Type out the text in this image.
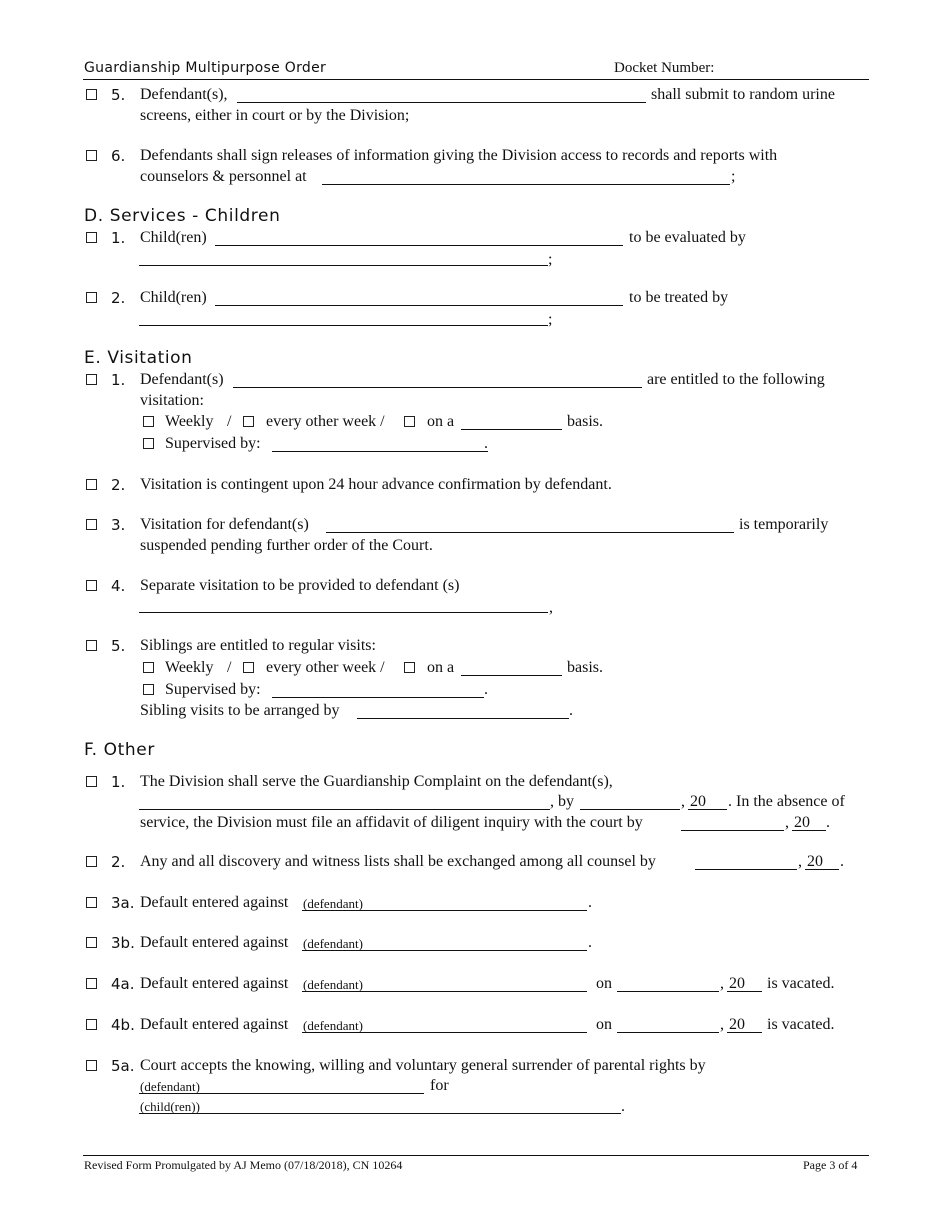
Guardianship Multipurpose Order	Docket Number:
5. Defendant(s),	shall submit to random urine
screens, either in court or by the Division;
6. Defendants shall sign releases of information giving the Division access to records and reports with
counselors & personnel at	;
D. Services - Children
1. Child(ren)	to be evaluated by
;
2. Child(ren)	to be treated by
;
E. Visitation
1. Defendant(s)	are entitled to the following
visitation:
Weekly / every other week /	on a	basis.
Supervised by:	.
2. Visitation is contingent upon 24 hour advance confirmation by defendant.
3. Visitation for defendant(s)	is temporarily
suspended pending further order of the Court.
4. Separate visitation to be provided to defendant (s)
,
5. Siblings are entitled to regular visits:
Weekly / every other week /	on a	basis.
Supervised by:	.
Sibling visits to be arranged by	.
F. Other
1. The Division shall serve the Guardianship Complaint on the defendant(s),
, by	, 20 . In the absence of
service, the Division must file an affidavit of diligent inquiry with the court by	, 20 .
2. Any and all discovery and witness lists shall be exchanged among all counsel by	, 20 .
3a. Default entered against (defendant)	.
3b. Default entered against (defendant)	.
4a. Default entered against (defendant)	on	, 20 is vacated.
4b. Default entered against (defendant)	on	, 20 is vacated.
5a. Court accepts the knowing, willing and voluntary general surrender of parental rights by
(defendant)	for
(child(ren))	.
Revised Form Promulgated by AJ Memo (07/18/2018), CN 10264	Page 3 of 4
